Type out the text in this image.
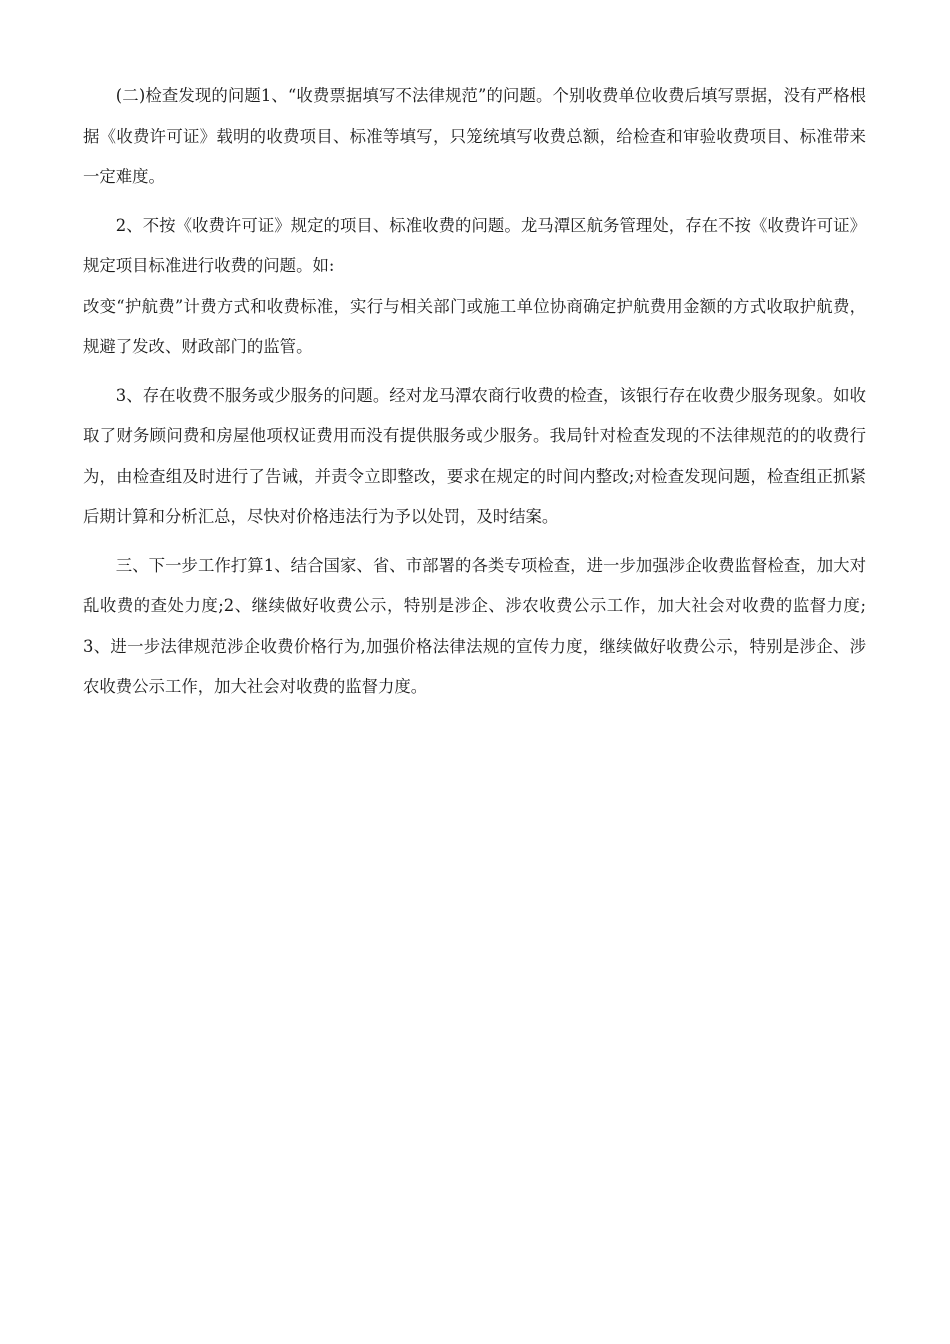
(二)检查发现的问题1、“收费票据填写不法律规范”的问题。个别收费单位收费后填写票据，没有严格根据《收费许可证》载明的收费项目、标准等填写，只笼统填写收费总额，给检查和审验收费项目、标准带来一定难度。

2、不按《收费许可证》规定的项目、标准收费的问题。龙马潭区航务管理处，存在不按《收费许可证》规定项目标准进行收费的问题。如:

改变“护航费”计费方式和收费标准，实行与相关部门或施工单位协商确定护航费用金额的方式收取护航费，规避了发改、财政部门的监管。

3、存在收费不服务或少服务的问题。经对龙马潭农商行收费的检查，该银行存在收费少服务现象。如收取了财务顾问费和房屋他项权证费用而没有提供服务或少服务。我局针对检查发现的不法律规范的的收费行为，由检查组及时进行了告诫，并责令立即整改，要求在规定的时间内整改;对检查发现问题，检查组正抓紧后期计算和分析汇总，尽快对价格违法行为予以处罚，及时结案。

三、下一步工作打算1、结合国家、省、市部署的各类专项检查，进一步加强涉企收费监督检查，加大对乱收费的查处力度;2、继续做好收费公示，特别是涉企、涉农收费公示工作，加大社会对收费的监督力度;3、进一步法律规范涉企收费价格行为,加强价格法律法规的宣传力度，继续做好收费公示，特别是涉企、涉农收费公示工作，加大社会对收费的监督力度。
